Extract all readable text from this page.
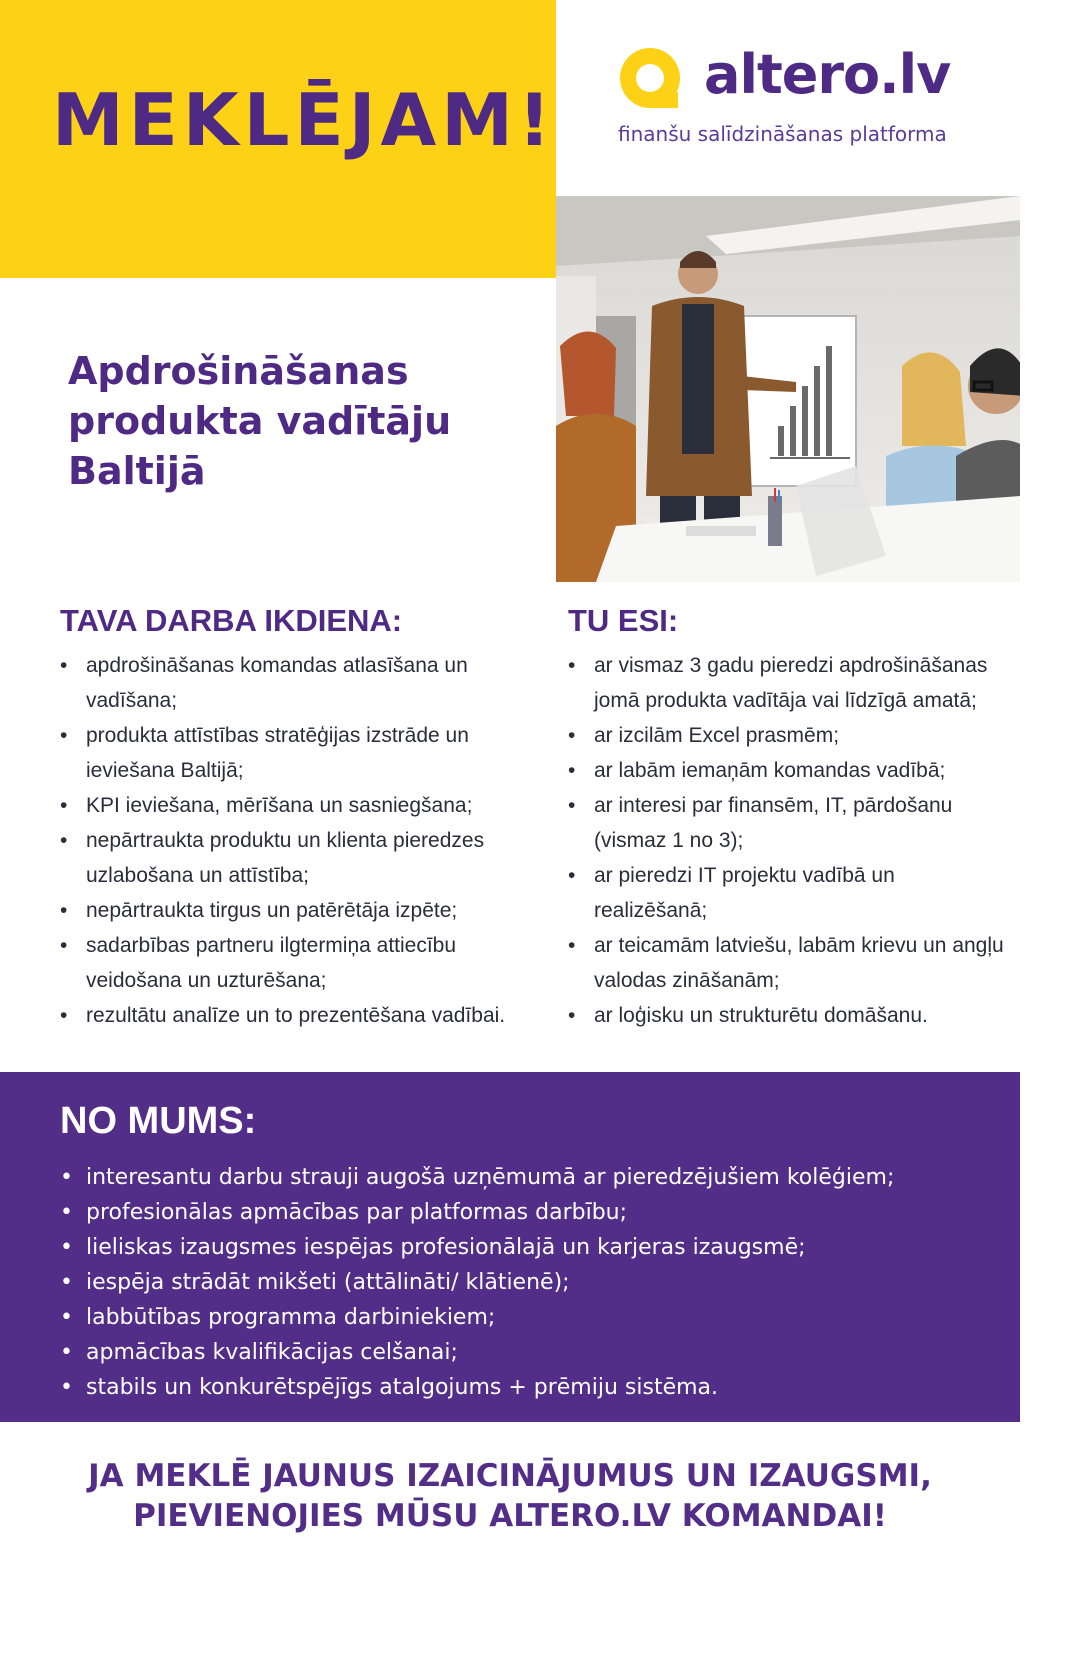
MEKLĒJAM!
altero.lv
finanšu salīdzināšanas platforma
Apdrošināšanas produkta vadītāju Baltijā
TAVA DARBA IKDIENA:
• apdrošināšanas komandas atlasīšana un vadīšana;
• produkta attīstības stratēģijas izstrāde un ieviešana Baltijā;
• KPI ieviešana, mērīšana un sasniegšana;
• nepārtraukta produktu un klienta pieredzes uzlabošana un attīstība;
• nepārtraukta tirgus un patērētāja izpēte;
• sadarbības partneru ilgtermiņa attiecību veidošana un uzturēšana;
• rezultātu analīze un to prezentēšana vadībai.
TU ESI:
• ar vismaz 3 gadu pieredzi apdrošināšanas jomā produkta vadītāja vai līdzīgā amatā;
• ar izcilām Excel prasmēm;
• ar labām iemaņām komandas vadībā;
• ar interesi par finansēm, IT, pārdošanu (vismaz 1 no 3);
• ar pieredzi IT projektu vadībā un realizēšanā;
• ar teicamām latviešu, labām krievu un angļu valodas zināšanām;
• ar loģisku un strukturētu domāšanu.
NO MUMS:
• interesantu darbu strauji augošā uzņēmumā ar pieredzējušiem kolēģiem;
• profesionālas apmācības par platformas darbību;
• lieliskas izaugsmes iespējas profesionālajā un karjeras izaugsmē;
• iespēja strādāt mikšeti (attālināti/ klātienē);
• labbūtības programma darbiniekiem;
• apmācības kvalifikācijas celšanai;
• stabils un konkurētspējīgs atalgojums + prēmiju sistēma.
JA MEKLĒ JAUNUS IZAICINĀJUMUS UN IZAUGSMI,
PIEVIENOJIES MŪSU ALTERO.LV KOMANDAI!
